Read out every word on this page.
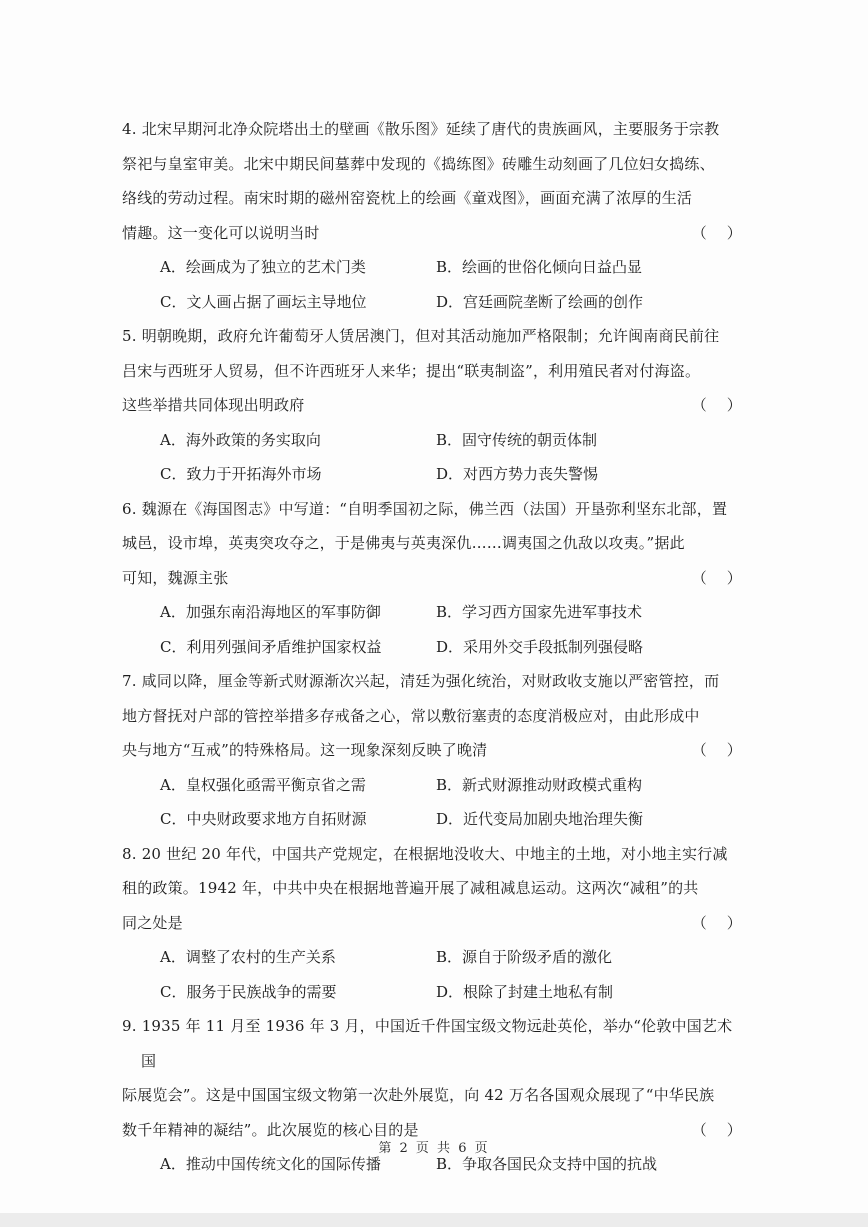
4. 北宋早期河北净众院塔出土的壁画《散乐图》延续了唐代的贵族画风，主要服务于宗教
祭祀与皇室审美。北宋中期民间墓葬中发现的《捣练图》砖雕生动刻画了几位妇女捣练、
络线的劳动过程。南宋时期的磁州窑瓷枕上的绘画《童戏图》，画面充满了浓厚的生活
情趣。这一变化可以说明当时	（    ）
A．绘画成为了独立的艺术门类	B．绘画的世俗化倾向日益凸显
C．文人画占据了画坛主导地位	D．宫廷画院垄断了绘画的创作
5. 明朝晚期，政府允许葡萄牙人赁居澳门，但对其活动施加严格限制；允许闽南商民前往
吕宋与西班牙人贸易，但不许西班牙人来华；提出“联夷制盗”，利用殖民者对付海盗。
这些举措共同体现出明政府	（    ）
A．海外政策的务实取向	B．固守传统的朝贡体制
C．致力于开拓海外市场	D．对西方势力丧失警惕
6. 魏源在《海国图志》中写道：“自明季国初之际，佛兰西（法国）开垦弥利坚东北部，置
城邑，设市埠，英夷突攻夺之，于是佛夷与英夷深仇……调夷国之仇敌以攻夷。”据此
可知，魏源主张	（    ）
A．加强东南沿海地区的军事防御	B．学习西方国家先进军事技术
C．利用列强间矛盾维护国家权益	D．采用外交手段抵制列强侵略
7. 咸同以降，厘金等新式财源渐次兴起，清廷为强化统治，对财政收支施以严密管控，而
地方督抚对户部的管控举措多存戒备之心，常以敷衍塞责的态度消极应对，由此形成中
央与地方“互戒”的特殊格局。这一现象深刻反映了晚清	（    ）
A．皇权强化亟需平衡京省之需	B．新式财源推动财政模式重构
C．中央财政要求地方自拓财源	D．近代变局加剧央地治理失衡
8. 20 世纪 20 年代，中国共产党规定，在根据地没收大、中地主的土地，对小地主实行减
租的政策。1942 年，中共中央在根据地普遍开展了减租减息运动。这两次“减租”的共
同之处是	（    ）
A．调整了农村的生产关系	B．源自于阶级矛盾的激化
C．服务于民族战争的需要	D．根除了封建土地私有制
9. 1935 年 11 月至 1936 年 3 月，中国近千件国宝级文物远赴英伦，举办“伦敦中国艺术国
际展览会”。这是中国国宝级文物第一次赴外展览，向 42 万名各国观众展现了“中华民族
数千年精神的凝结”。此次展览的核心目的是	（    ）
A．推动中国传统文化的国际传播	B．争取各国民众支持中国的抗战
第 2 页 共 6 页
